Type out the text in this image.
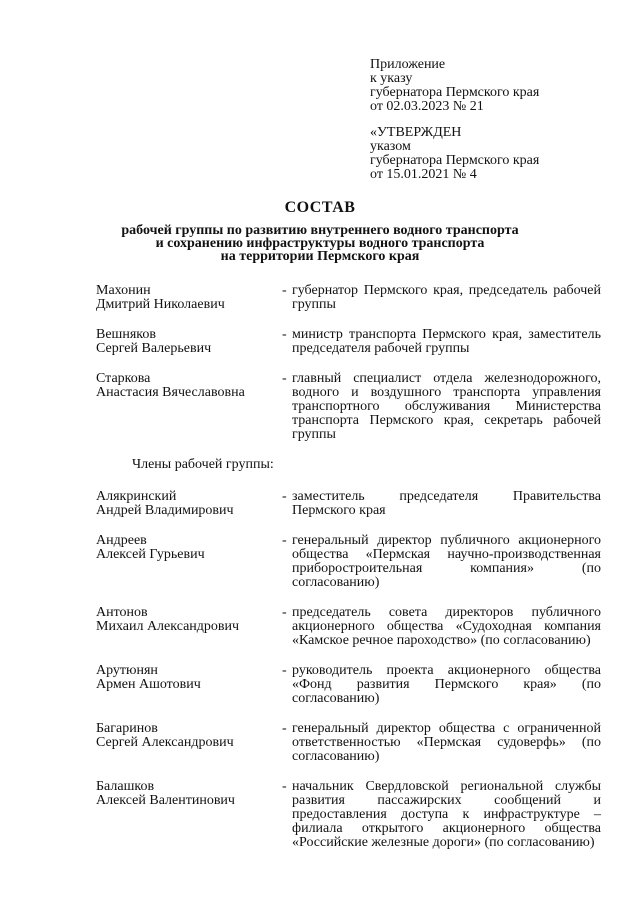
Приложение
к указу
губернатора Пермского края
от 02.03.2023 № 21
«УТВЕРЖДЕН
указом
губернатора Пермского края
от 15.01.2021 № 4
СОСТАВ
рабочей группы по развитию внутреннего водного транспорта
и сохранению инфраструктуры водного транспорта
на территории Пермского края
Махонин
Дмитрий Николаевич
- губернатор Пермского края, председатель рабочей группы
Вешняков
Сергей Валерьевич
- министр транспорта Пермского края, заместитель председателя рабочей группы
Старкова
Анастасия Вячеславовна
- главный специалист отдела железнодорожного, водного и воздушного транспорта управления транспортного обслуживания Министерства транспорта Пермского края, секретарь рабочей группы
Члены рабочей группы:
Алякринский
Андрей Владимирович
- заместитель председателя Правительства Пермского края
Андреев
Алексей Гурьевич
- генеральный директор публичного акционерного общества «Пермская научно-производственная приборостроительная компания» (по согласованию)
Антонов
Михаил Александрович
- председатель совета директоров публичного акционерного общества «Судоходная компания «Камское речное пароходство» (по согласованию)
Арутюнян
Армен Ашотович
- руководитель проекта акционерного общества «Фонд развития Пермского края» (по согласованию)
Багаринов
Сергей Александрович
- генеральный директор общества с ограниченной ответственностью «Пермская судоверфь» (по согласованию)
Балашков
Алексей Валентинович
- начальник Свердловской региональной службы развития пассажирских сообщений и предоставления доступа к инфраструктуре – филиала открытого акционерного общества «Российские железные дороги» (по согласованию)
